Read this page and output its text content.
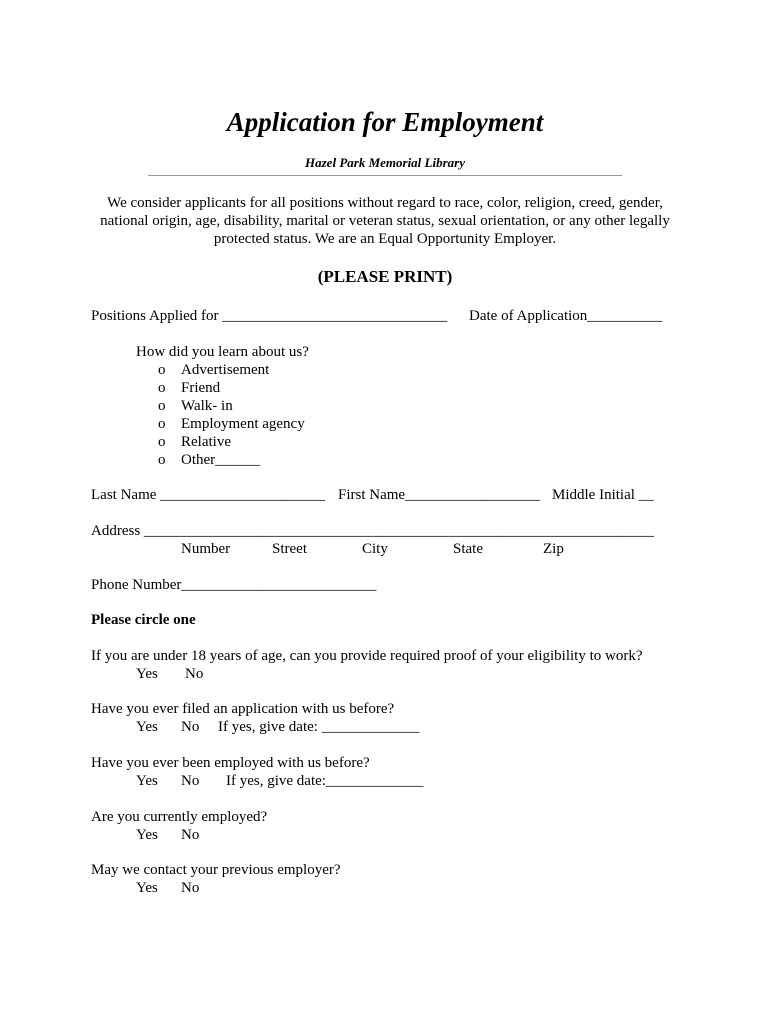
Application for Employment
Hazel Park Memorial Library
We consider applicants for all positions without regard to race, color, religion, creed, gender,
national origin, age, disability, marital or veteran status, sexual orientation, or any other legally
protected status. We are an Equal Opportunity Employer.
(PLEASE PRINT)
Positions Applied for ______________________________ Date of Application__________
How did you learn about us?
o Advertisement
o Friend
o Walk- in
o Employment agency
o Relative
o Other______
Last Name ______________________ First Name__________________ Middle Initial __
Address ____________________________________________________________________
Number	Street	City	State	Zip
Phone Number__________________________
Please circle one
If you are under 18 years of age, can you provide required proof of your eligibility to work?
Yes No
Have you ever filed an application with us before?
Yes No If yes, give date: _____________
Have you ever been employed with us before?
Yes No If yes, give date:_____________
Are you currently employed?
Yes No
May we contact your previous employer?
Yes No
